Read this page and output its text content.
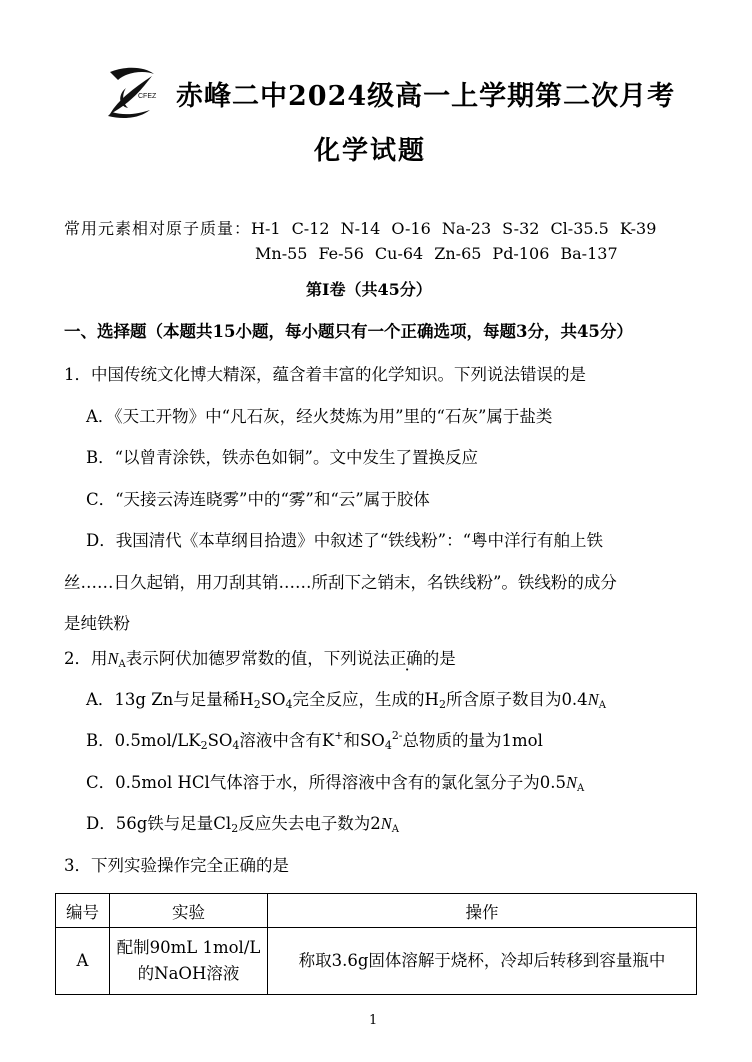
CFEZ 赤峰二中2024级高一上学期第二次月考
化学试题
常用元素相对原子质量：H-1 C-12 N-14 O-16 Na-23 S-32 Cl-35.5 K-39
Mn-55 Fe-56 Cu-64 Zn-65 Pd-106 Ba-137
第Ⅰ卷（共45分）
一、选择题（本题共15小题，每小题只有一个正确选项，每题3分，共45分）
1．中国传统文化博大精深，蕴含着丰富的化学知识。下列说法错误的是
A．《天工开物》中“凡石灰，经火焚炼为用”里的“石灰”属于盐类
B．“以曾青涂铁，铁赤色如铜”。文中发生了置换反应
C．“天接云涛连晓雾”中的“雾”和“云”属于胶体
D．我国清代《本草纲目拾遗》中叙述了“铁线粉”：“粤中洋行有舶上铁
丝……日久起销，用刀刮其销……所刮下之销末，名铁线粉”。铁线粉的成分
是纯铁粉
2．用NA表示阿伏加德罗常数的值，下列说法正确的是
A．13g Zn与足量稀$H_2SO_4$完全反应，生成的$H_2$所含原子数目为0.4NA
B．$0.5mol/LK_2SO_4$溶液中含有K+和$SO_4^{2-}$总物质的量为1mol
C．0.5mol HCl气体溶于水，所得溶液中含有的氯化氢分子为0.5NA
D．56g铁与足量$Cl_2$反应失去电子数为2NA
3．下列实验操作完全正确的是
编号	实验	操作
A	配制90mL 1mol/L
的NaOH溶液	称取3.6g固体溶解于烧杯，冷却后转移到容量瓶中
1
